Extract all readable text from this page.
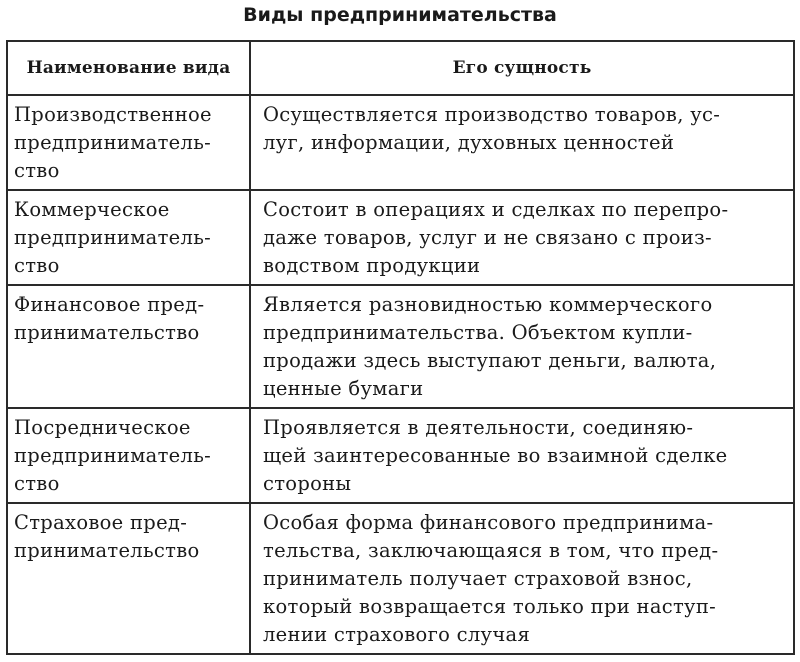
Виды предпринимательства
Наименование вида	Его сущность

Производственное
предприниматель-
ство	Осуществляется производство товаров, ус-
луг, информации, духовных ценностей

Коммерческое
предприниматель-
ство	Состоит в операциях и сделках по перепро-
даже товаров, услуг и не связано с произ-
водством продукции

Финансовое пред-
принимательство	Является разновидностью коммерческого
предпринимательства. Объектом купли-
продажи здесь выступают деньги, валюта,
ценные бумаги

Посредническое
предприниматель-
ство	Проявляется в деятельности, соединяю-
щей заинтересованные во взаимной сделке
стороны

Страховое пред-
принимательство	Особая форма финансового предпринима-
тельства, заключающаяся в том, что пред-
приниматель получает страховой взнос,
который возвращается только при наступ-
лении страхового случая
